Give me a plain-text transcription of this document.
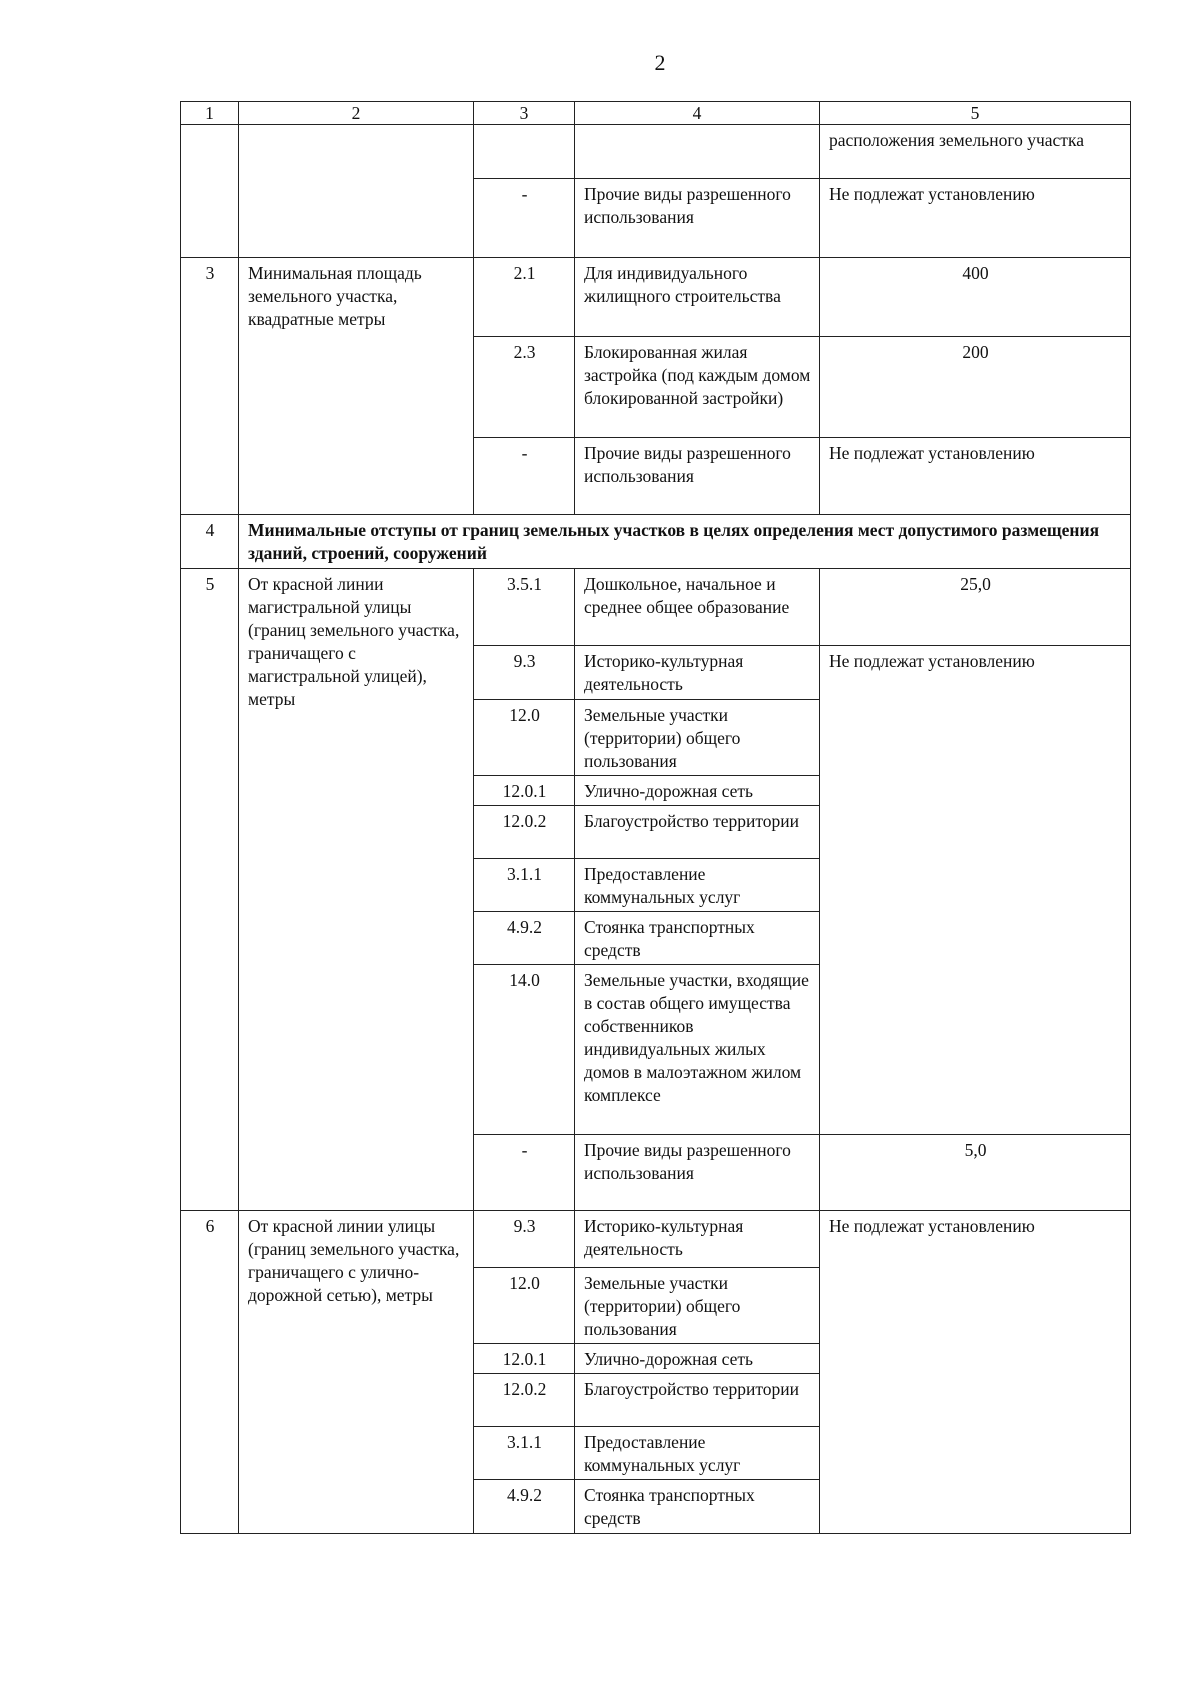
2
1	2	3	4	5
				расположения земельного участка
		-	Прочие виды разрешенного использования	Не подлежат установлению
3	Минимальная площадь земельного участка, квадратные метры	2.1	Для индивидуального жилищного строительства	400
		2.3	Блокированная жилая застройка (под каждым домом блокированной застройки)	200
		-	Прочие виды разрешенного использования	Не подлежат установлению
4	Минимальные отступы от границ земельных участков в целях определения мест допустимого размещения зданий, строений, сооружений			
5	От красной линии магистральной улицы (границ земельного участка, граничащего с магистральной улицей), метры	3.5.1	Дошкольное, начальное и среднее общее образование	25,0
		9.3	Историко-культурная деятельность	Не подлежат установлению
		12.0	Земельные участки (территории) общего пользования	
		12.0.1	Улично-дорожная сеть	
		12.0.2	Благоустройство территории	
		3.1.1	Предоставление коммунальных услуг	
		4.9.2	Стоянка транспортных средств	
		14.0	Земельные участки, входящие в состав общего имущества собственников индивидуальных жилых домов в малоэтажном жилом комплексе	
		-	Прочие виды разрешенного использования	5,0
6	От красной линии улицы (границ земельного участка, граничащего с улично-дорожной сетью), метры	9.3	Историко-культурная деятельность	Не подлежат установлению
		12.0	Земельные участки (территории) общего пользования	
		12.0.1	Улично-дорожная сеть	
		12.0.2	Благоустройство территории	
		3.1.1	Предоставление коммунальных услуг	
		4.9.2	Стоянка транспортных средств	
